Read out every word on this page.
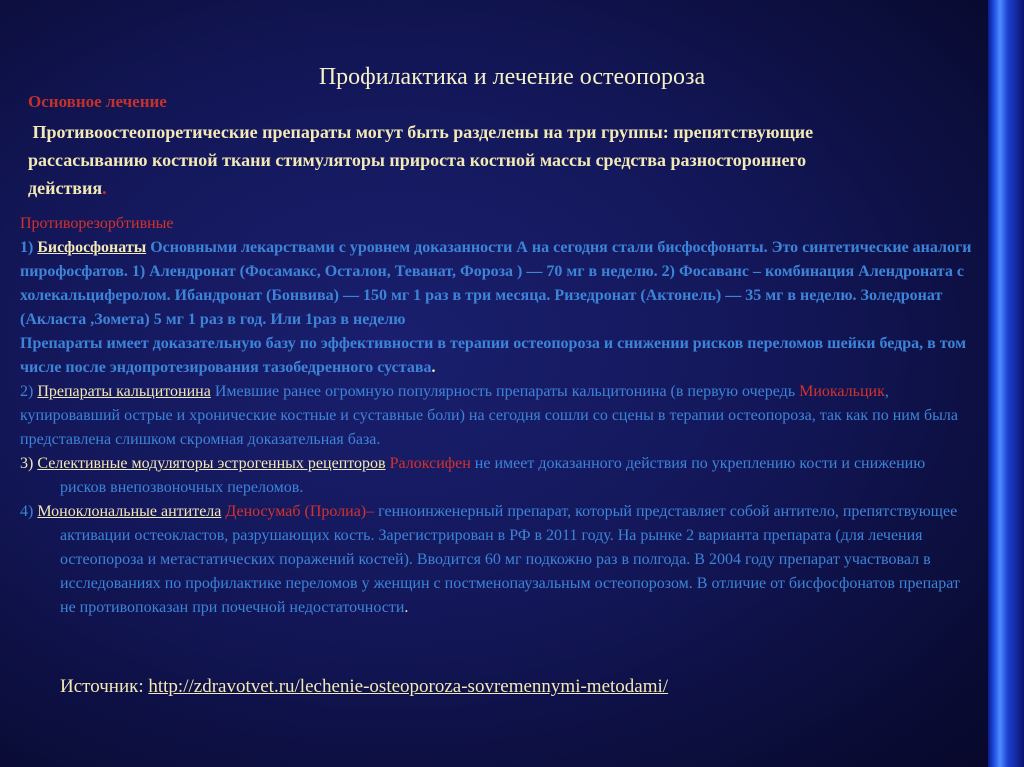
Профилактика и лечение остеопороза
Основное лечение
Противоостеопоретические препараты могут быть разделены на три группы: препятствующие рассасыванию костной ткани стимуляторы прироста костной массы средства разностороннего действия.

Противорезорбтивные

1) Бисфосфонаты Основными лекарствами с уровнем доказанности А на сегодня стали бисфосфонаты. Это синтетические аналоги пирофосфатов. 1) Алендронат (Фосамакс, Осталон, Теванат, Фороза ) — 70 мг в неделю. 2) Фосаванс – комбинация Алендроната с холекальциферолом. Ибандронат (Бонвива) — 150 мг 1 раз в три месяца. Ризедронат (Актонель) — 35 мг в неделю. Золедронат (Акласта ,Зомета) 5 мг 1 раз в год. Или 1раз в неделю

Препараты имеет доказательную базу по эффективности в терапии остеопороза и снижении рисков переломов шейки бедра, в том числе после эндопротезирования тазобедренного сустава.

2) Препараты кальцитонина Имевшие ранее огромную популярность препараты кальцитонина (в первую очередь Миокальцик, купировавший острые и хронические костные и суставные боли) на сегодня сошли со сцены в терапии остеопороза, так как по ним была представлена слишком скромная доказательная база.

3) Селективные модуляторы эстрогенных рецепторов Ралоксифен не имеет доказанного действия по укреплению кости и снижению рисков внепозвоночных переломов.

4) Моноклональные антитела Деносумаб (Пролиа)– генноинженерный препарат, который представляет собой антитело, препятствующее активации остеокластов, разрушающих кость. Зарегистрирован в РФ в 2011 году. На рынке 2 варианта препарата (для лечения остеопороза и метастатических поражений костей). Вводится 60 мг подкожно раз в полгода. В 2004 году препарат участвовал в исследованиях по профилактике переломов у женщин с постменопаузальным остеопорозом. В отличие от бисфосфонатов препарат не противопоказан при почечной недостаточности.

Источник: http://zdravotvet.ru/lechenie-osteoporoza-sovremennymi-metodami/
